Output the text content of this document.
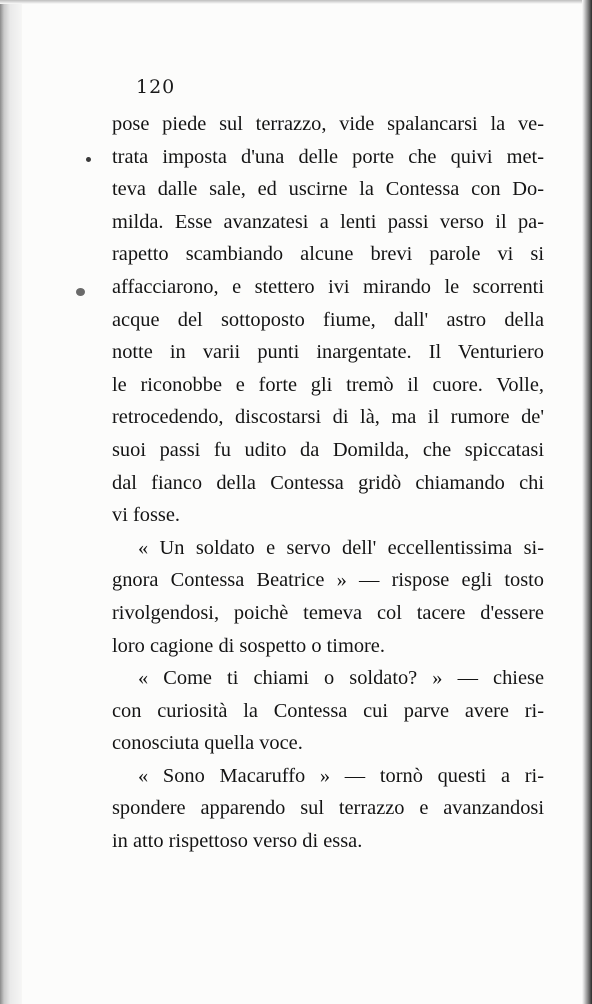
120
pose piede sul terrazzo, vide spalancarsi la ve-
trata imposta d'una delle porte che quivi met-
teva dalle sale, ed uscirne la Contessa con Do-
milda. Esse avanzatesi a lenti passi verso il pa-
rapetto scambiando alcune brevi parole vi si
affacciarono, e stettero ivi mirando le scorrenti
acque del sottoposto fiume, dall' astro della
notte in varii punti inargentate. Il Venturiero
le riconobbe e forte gli tremò il cuore. Volle,
retrocedendo, discostarsi di là, ma il rumore de'
suoi passi fu udito da Domilda, che spiccatasi
dal fianco della Contessa gridò chiamando chi
vi fosse.
« Un soldato e servo dell' eccellentissima si-
gnora Contessa Beatrice » — rispose egli tosto
rivolgendosi, poichè temeva col tacere d'essere
loro cagione di sospetto o timore.
« Come ti chiami o soldato? » — chiese
con curiosità la Contessa cui parve avere ri-
conosciuta quella voce.
« Sono Macaruffo » — tornò questi a ri-
spondere apparendo sul terrazzo e avanzandosi
in atto rispettoso verso di essa.
